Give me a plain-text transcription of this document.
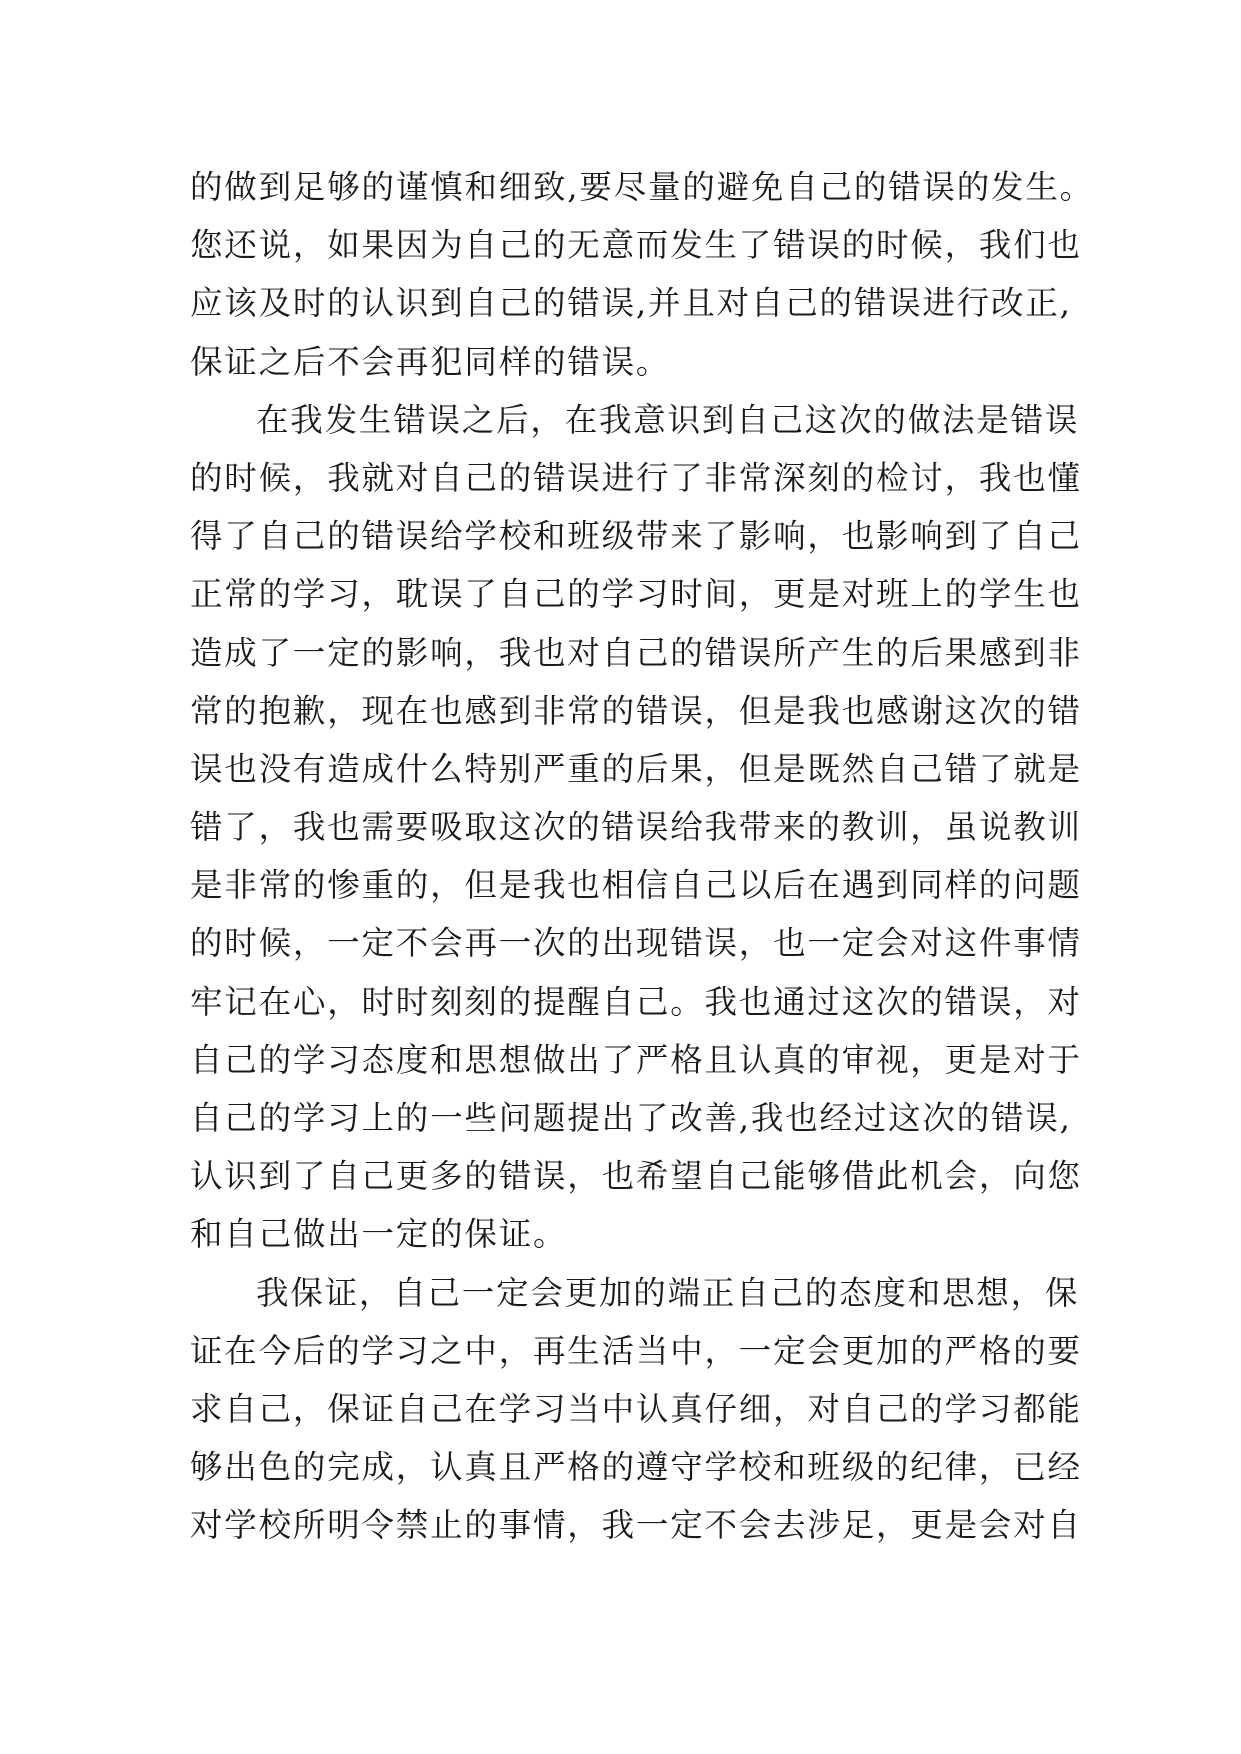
的做到足够的谨慎和细致,要尽量的避免自己的错误的发生。
您还说，如果因为自己的无意而发生了错误的时候，我们也
应该及时的认识到自己的错误,并且对自己的错误进行改正,
保证之后不会再犯同样的错误。
在我发生错误之后，在我意识到自己这次的做法是错误
的时候，我就对自己的错误进行了非常深刻的检讨，我也懂
得了自己的错误给学校和班级带来了影响，也影响到了自己
正常的学习，耽误了自己的学习时间，更是对班上的学生也
造成了一定的影响，我也对自己的错误所产生的后果感到非
常的抱歉，现在也感到非常的错误，但是我也感谢这次的错
误也没有造成什么特别严重的后果，但是既然自己错了就是
错了，我也需要吸取这次的错误给我带来的教训，虽说教训
是非常的惨重的，但是我也相信自己以后在遇到同样的问题
的时候，一定不会再一次的出现错误，也一定会对这件事情
牢记在心，时时刻刻的提醒自己。我也通过这次的错误，对
自己的学习态度和思想做出了严格且认真的审视，更是对于
自己的学习上的一些问题提出了改善,我也经过这次的错误,
认识到了自己更多的错误，也希望自己能够借此机会，向您
和自己做出一定的保证。
我保证，自己一定会更加的端正自己的态度和思想，保
证在今后的学习之中，再生活当中，一定会更加的严格的要
求自己，保证自己在学习当中认真仔细，对自己的学习都能
够出色的完成，认真且严格的遵守学校和班级的纪律，已经
对学校所明令禁止的事情，我一定不会去涉足，更是会对自
